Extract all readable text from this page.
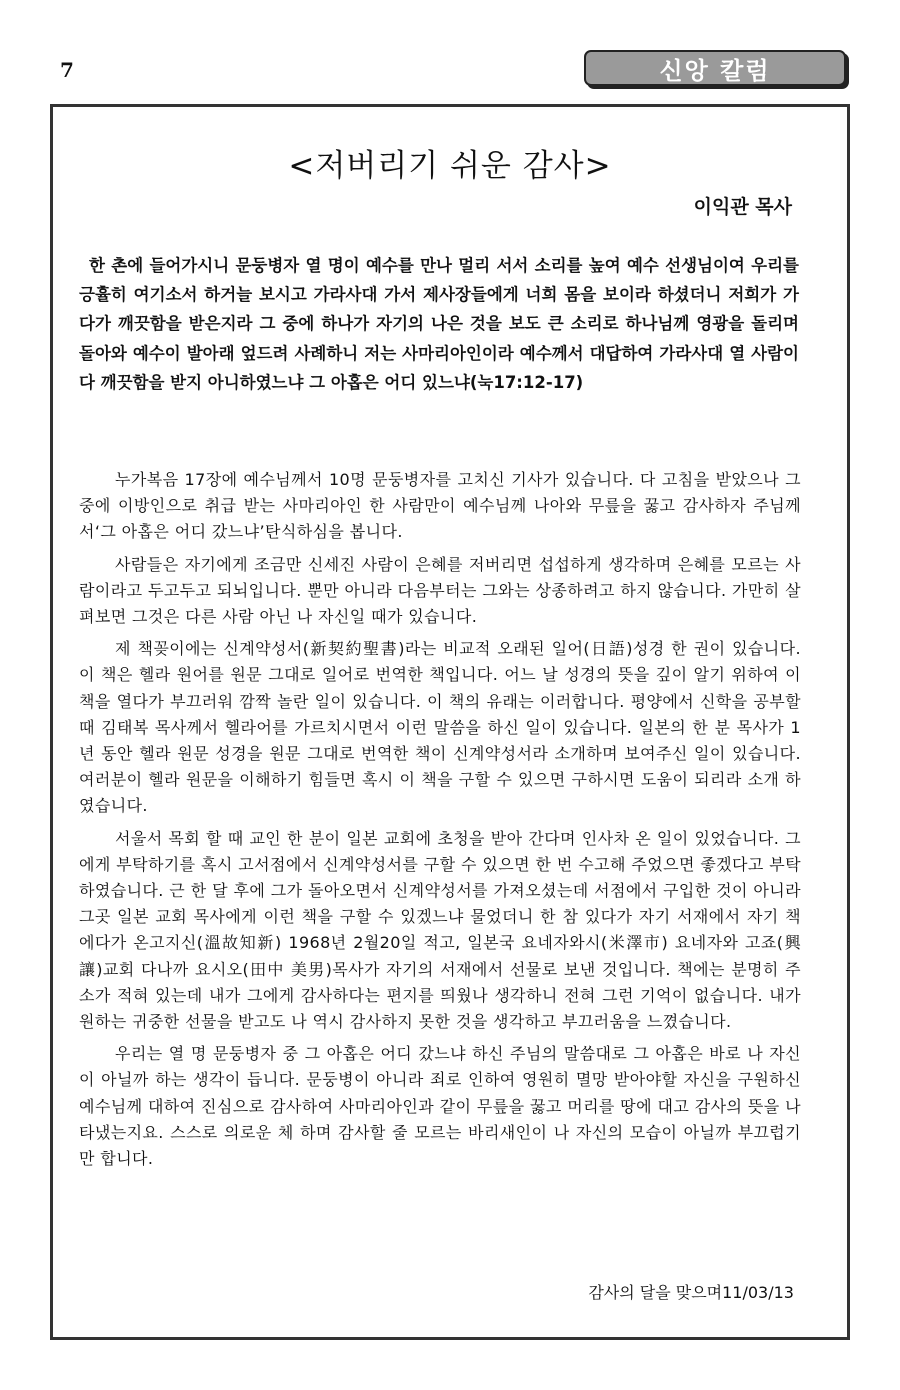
7	신앙 칼럼
<저버리기 쉬운 감사>
이익관 목사
한 촌에 들어가시니 문둥병자 열 명이 예수를 만나 멀리 서서 소리를 높여 예수 선생님이여 우리를 긍휼히 여기소서 하거늘 보시고 가라사대 가서 제사장들에게 너희 몸을 보이라 하셨더니 저희가 가다가 깨끗함을 받은지라 그 중에 하나가 자기의 나은 것을 보도 큰 소리로 하나님께 영광을 돌리며 돌아와 예수이 발아래 엎드려 사례하니 저는 사마리아인이라 예수께서 대답하여 가라사대 열 사람이 다 깨끗함을 받지 아니하였느냐 그 아홉은 어디 있느냐(눅17:12-17)

누가복음 17장에 예수님께서 10명 문둥병자를 고치신 기사가 있습니다. 다 고침을 받았으나 그 중에 이방인으로 취급 받는 사마리아인 한 사람만이 예수님께 나아와 무릎을 꿇고 감사하자 주님께서‘그 아홉은 어디 갔느냐’탄식하심을 봅니다.

사람들은 자기에게 조금만 신세진 사람이 은혜를 저버리면 섭섭하게 생각하며 은혜를 모르는 사람이라고 두고두고 되뇌입니다. 뿐만 아니라 다음부터는 그와는 상종하려고 하지 않습니다. 가만히 살펴보면 그것은 다른 사람 아닌 나 자신일 때가 있습니다.

제 책꽂이에는 신계약성서(新契約聖書)라는 비교적 오래된 일어(日語)성경 한 권이 있습니다. 이 책은 헬라 원어를 원문 그대로 일어로 번역한 책입니다. 어느 날 성경의 뜻을 깊이 알기 위하여 이 책을 열다가 부끄러워 깜짝 놀란 일이 있습니다. 이 책의 유래는 이러합니다. 평양에서 신학을 공부할 때 김태복 목사께서 헬라어를 가르치시면서 이런 말씀을 하신 일이 있습니다. 일본의 한 분 목사가 1년 동안 헬라 원문 성경을 원문 그대로 번역한 책이 신계약성서라 소개하며 보여주신 일이 있습니다. 여러분이 헬라 원문을 이해하기 힘들면 혹시 이 책을 구할 수 있으면 구하시면 도움이 되리라 소개 하였습니다.

서울서 목회 할 때 교인 한 분이 일본 교회에 초청을 받아 간다며 인사차 온 일이 있었습니다. 그에게 부탁하기를 혹시 고서점에서 신계약성서를 구할 수 있으면 한 번 수고해 주었으면 좋겠다고 부탁하였습니다. 근 한 달 후에 그가 돌아오면서 신계약성서를 가져오셨는데 서점에서 구입한 것이 아니라 그곳 일본 교회 목사에게 이런 책을 구할 수 있겠느냐 물었더니 한 참 있다가 자기 서재에서 자기 책에다가 온고지신(溫故知新) 1968년 2월20일 적고, 일본국 요네자와시(米澤市) 요네자와 고죠(興讓)교회 다나까 요시오(田中 美男)목사가 자기의 서재에서 선물로 보낸 것입니다. 책에는 분명히 주소가 적혀 있는데 내가 그에게 감사하다는 편지를 띄웠나 생각하니 전혀 그런 기억이 없습니다. 내가 원하는 귀중한 선물을 받고도 나 역시 감사하지 못한 것을 생각하고 부끄러움을 느꼈습니다.

우리는 열 명 문둥병자 중 그 아홉은 어디 갔느냐 하신 주님의 말씀대로 그 아홉은 바로 나 자신이 아닐까 하는 생각이 듭니다. 문둥병이 아니라 죄로 인하여 영원히 멸망 받아야할 자신을 구원하신 예수님께 대하여 진심으로 감사하여 사마리아인과 같이 무릎을 꿇고 머리를 땅에 대고 감사의 뜻을 나타냈는지요. 스스로 의로운 체 하며 감사할 줄 모르는 바리새인이 나 자신의 모습이 아닐까 부끄럽기만 합니다.

감사의 달을 맞으며11/03/13
